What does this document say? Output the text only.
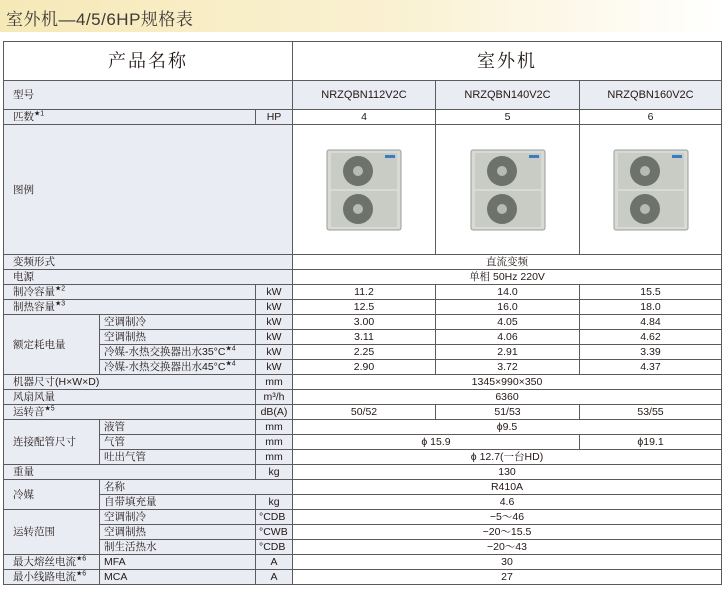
室外机—4/5/6HP规格表
产品名称			室外机		
型号			NRZQBN112V2C	NRZQBN140V2C	NRZQBN160V2C
匹数$^{★1}$		HP	4	5	6
图例	

变频形式			直流变频		
电源			单相 50Hz 220V		
制冷容量$^{★2}$		kW	11.2	14.0	15.5
制热容量$^{★3}$		kW	12.5	16.0	18.0
额定耗电量	空调制冷	kW	3.00	4.05	4.84
	空调制热	kW	3.11	4.06	4.62
	冷媒-水热交换器出水$35^\circ C^{★4}$	kW	2.25	2.91	3.39
	冷媒-水热交换器出水$45^\circ C^{★4}$	kW	2.90	3.72	4.37
机器尺寸(H×W×D)		mm	1345×990×350		
风扇风量		m³/h	6360		
运转音$^{★5}$		dB(A)	50/52	51/53	53/55
连接配管尺寸	液管	mm	ϕ9.5		
	气管	mm	ϕ 15.9		ϕ19.1
	吐出气管	mm	ϕ 12.7(一台HD)		
重量		kg	130		
冷媒	名称		R410A		
	自带填充量	kg	4.6		
运转范围	空调制冷	°CDB	−5～46		
	空调制热	°CWB	−20～15.5		
	制生活热水	°CDB	−20～43		
最大熔丝电流$^{★6}$	MFA	A	30		
最小线路电流$^{★6}$	MCA	A	27		
